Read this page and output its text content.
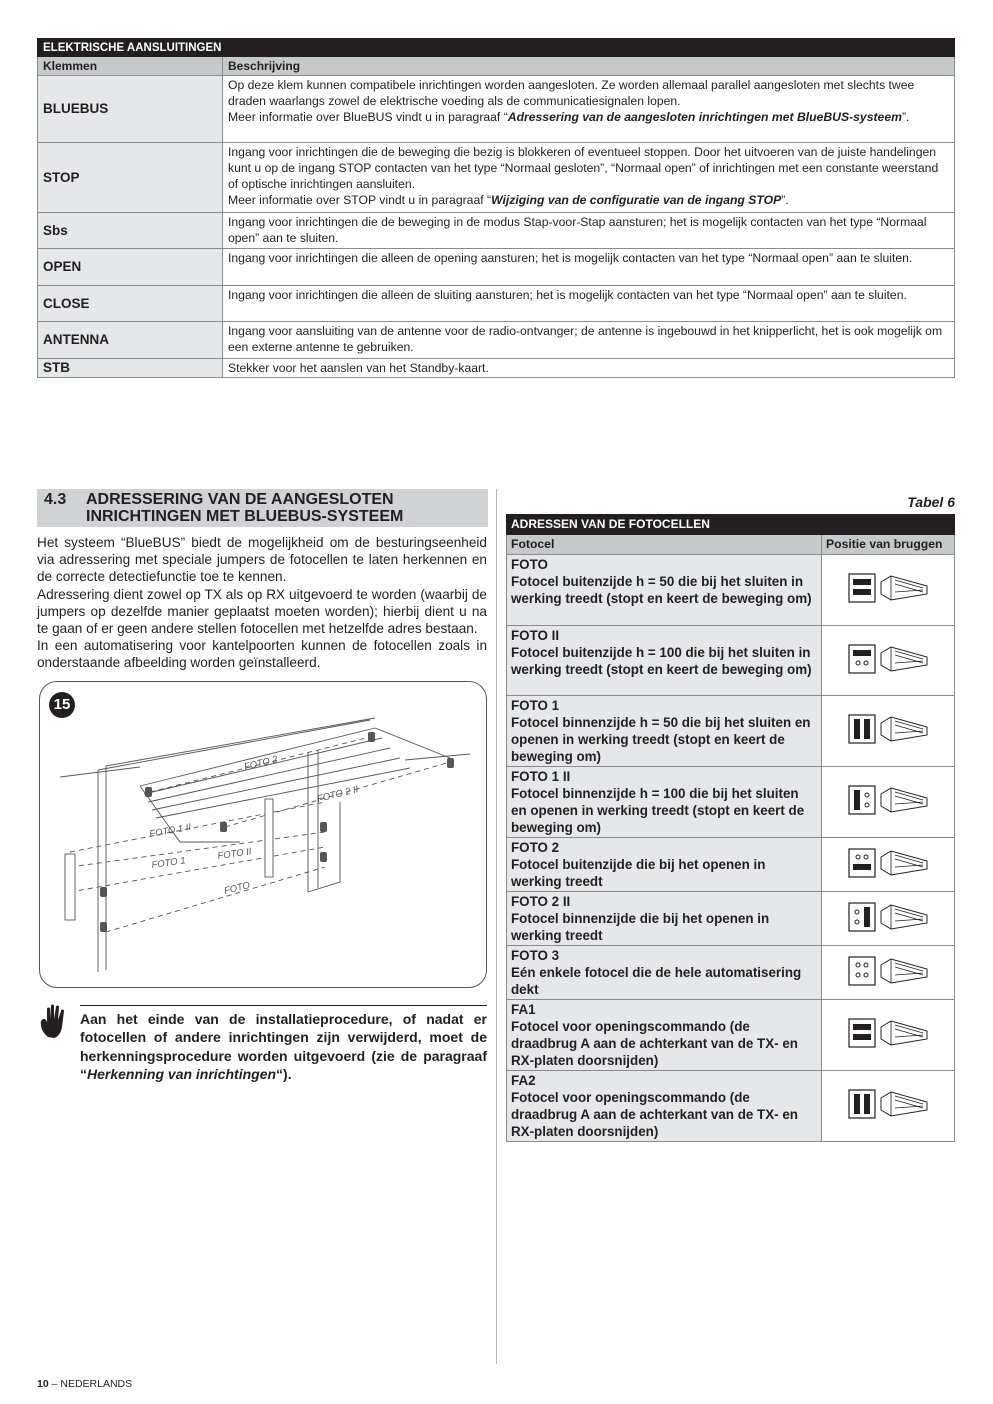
ELEKTRISCHE AANSLUITINGEN	
Klemmen	Beschrijving
BLUEBUS	Op deze klem kunnen compatibele inrichtingen worden aangesloten. Ze worden allemaal parallel aangesloten met slechts twee draden waarlangs zowel de elektrische voeding als de communicatiesignalen lopen.
Meer informatie over BlueBUS vindt u in paragraaf “Adressering van de aangesloten inrichtingen met BlueBUS-systeem”.
STOP	Ingang voor inrichtingen die de beweging die bezig is blokkeren of eventueel stoppen. Door het uitvoeren van de juiste handelingen kunt u op de ingang STOP contacten van het type “Normaal gesloten”, “Normaal open” of inrichtingen met een constante weerstand of optische inrichtingen aansluiten.
Meer informatie over STOP vindt u in paragraaf “Wijziging van de configuratie van de ingang STOP”.
Sbs	Ingang voor inrichtingen die de beweging in de modus Stap-voor-Stap aansturen; het is mogelijk contacten van het type “Normaal open” aan te sluiten.
OPEN	Ingang voor inrichtingen die alleen de opening aansturen; het is mogelijk contacten van het type “Normaal open” aan te sluiten.
CLOSE	Ingang voor inrichtingen die alleen de sluiting aansturen; het is mogelijk contacten van het type “Normaal open” aan te sluiten.
ANTENNA	Ingang voor aansluiting van de antenne voor de radio-ontvanger; de antenne is ingebouwd in het knipperlicht, het is ook mogelijk om een externe antenne te gebruiken.
STB	Stekker voor het aanslen van het Standby-kaart.
4.3 ADRESSERING VAN DE AANGESLOTEN INRICHTINGEN MET BLUEBUS-SYSTEEM

Het systeem “BlueBUS” biedt de mogelijkheid om de besturingseenheid via adressering met speciale jumpers de fotocellen te laten herkennen en de correcte detectiefunctie toe te kennen.

Adressering dient zowel op TX als op RX uitgevoerd te worden (waarbij de jumpers op dezelfde manier geplaatst moeten worden); hierbij dient u na te gaan of er geen andere stellen fotocellen met hetzelfde adres bestaan.

In een automatisering voor kantelpoorten kunnen de fotocellen zoals in onderstaande afbeelding worden geïnstalleerd.

FOTO 2
FOTO 2 II
FOTO 1 II
FOTO 1
FOTO II
FOTO
15
Aan het einde van de installatieprocedure, of nadat er fotocellen of andere inrichtingen zijn verwijderd, moet de herkenningsprocedure worden uitgevoerd (zie de paragraaf “Herkenning van inrichtingen“).
Tabel 6
ADRESSEN VAN DE FOTOCELLEN	
Fotocel	Positie van bruggen
FOTO
Fotocel buitenzijde h = 50 die bij het sluiten in werking treedt (stopt en keert de beweging om)	
FOTO II
Fotocel buitenzijde h = 100 die bij het sluiten in werking treedt (stopt en keert de beweging om)	
FOTO 1
Fotocel binnenzijde h = 50 die bij het sluiten en openen in werking treedt (stopt en keert de beweging om)	
FOTO 1 II
Fotocel binnenzijde h = 100 die bij het sluiten en openen in werking treedt (stopt en keert de beweging om)	
FOTO 2
Fotocel buitenzijde die bij het openen in werking treedt	
FOTO 2 II
Fotocel binnenzijde die bij het openen in werking treedt	
FOTO 3
Eén enkele fotocel die de hele automatisering dekt	
FA1
Fotocel voor openingscommando (de draadbrug A aan de achterkant van de TX- en RX-platen doorsnijden)	
FA2
Fotocel voor openingscommando (de draadbrug A aan de achterkant van de TX- en RX-platen doorsnijden)	
10 – NEDERLANDS
